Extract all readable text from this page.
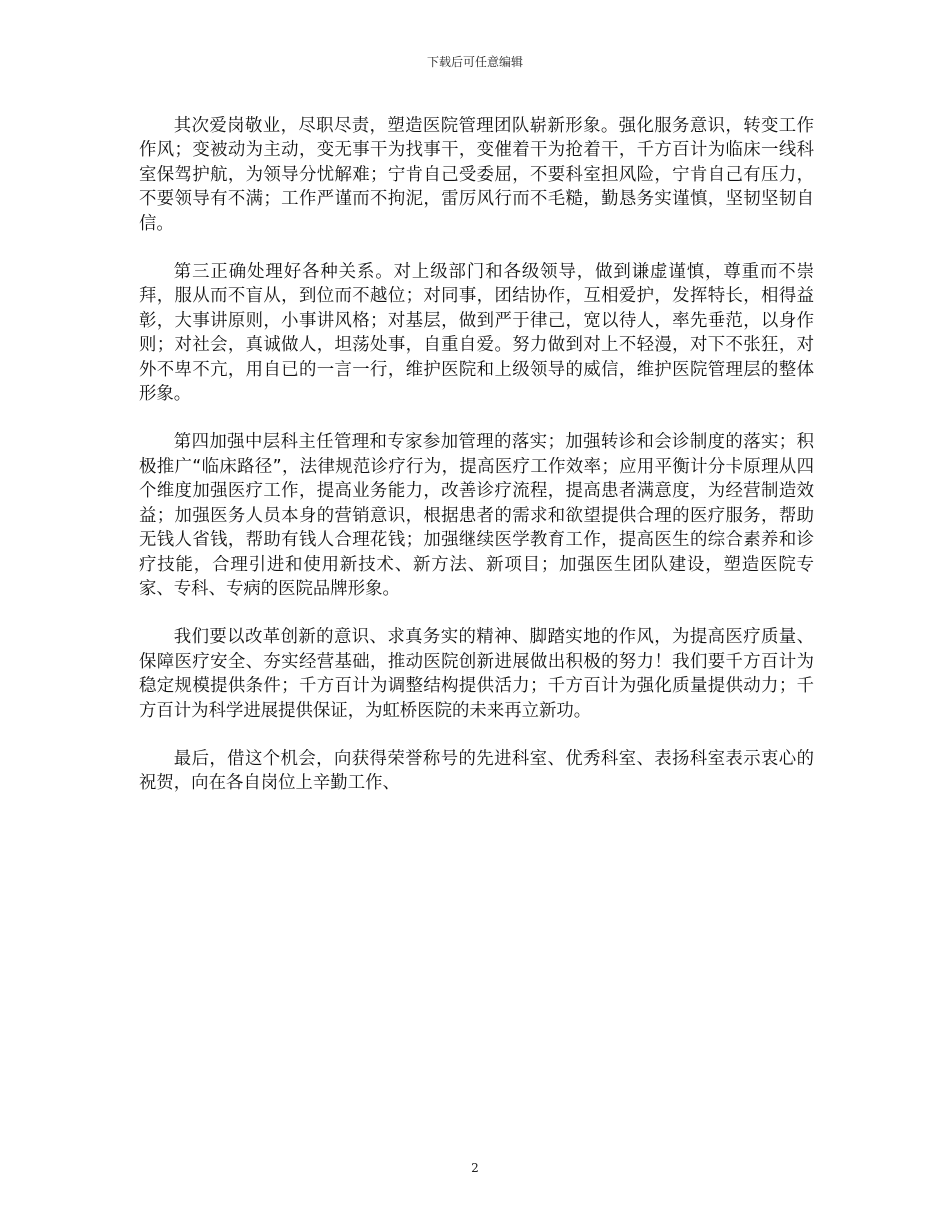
下载后可任意编辑

其次爱岗敬业，尽职尽责，塑造医院管理团队崭新形象。强化服务意识，转变工作作风；变被动为主动，变无事干为找事干，变催着干为抢着干，千方百计为临床一线科室保驾护航，为领导分忧解难；宁肯自己受委屈，不要科室担风险，宁肯自己有压力，不要领导有不满；工作严谨而不拘泥，雷厉风行而不毛糙，勤恳务实谨慎，坚韧坚韧自信。

第三正确处理好各种关系。对上级部门和各级领导，做到谦虚谨慎，尊重而不崇拜，服从而不盲从，到位而不越位；对同事，团结协作，互相爱护，发挥特长，相得益彰，大事讲原则，小事讲风格；对基层，做到严于律己，宽以待人，率先垂范，以身作则；对社会，真诚做人，坦荡处事，自重自爱。努力做到对上不轻漫，对下不张狂，对外不卑不亢，用自已的一言一行，维护医院和上级领导的威信，维护医院管理层的整体形象。

第四加强中层科主任管理和专家参加管理的落实；加强转诊和会诊制度的落实；积极推广“临床路径”，法律规范诊疗行为，提高医疗工作效率；应用平衡计分卡原理从四个维度加强医疗工作，提高业务能力，改善诊疗流程，提高患者满意度，为经营制造效益；加强医务人员本身的营销意识，根据患者的需求和欲望提供合理的医疗服务，帮助无钱人省钱，帮助有钱人合理花钱；加强继续医学教育工作，提高医生的综合素养和诊疗技能，合理引进和使用新技术、新方法、新项目；加强医生团队建设，塑造医院专家、专科、专病的医院品牌形象。

我们要以改革创新的意识、求真务实的精神、脚踏实地的作风，为提高医疗质量、保障医疗安全、夯实经营基础，推动医院创新进展做出积极的努力！我们要千方百计为稳定规模提供条件；千方百计为调整结构提供活力；千方百计为强化质量提供动力；千方百计为科学进展提供保证，为虹桥医院的未来再立新功。

最后，借这个机会，向获得荣誉称号的先进科室、优秀科室、表扬科室表示衷心的祝贺，向在各自岗位上辛勤工作、

2
